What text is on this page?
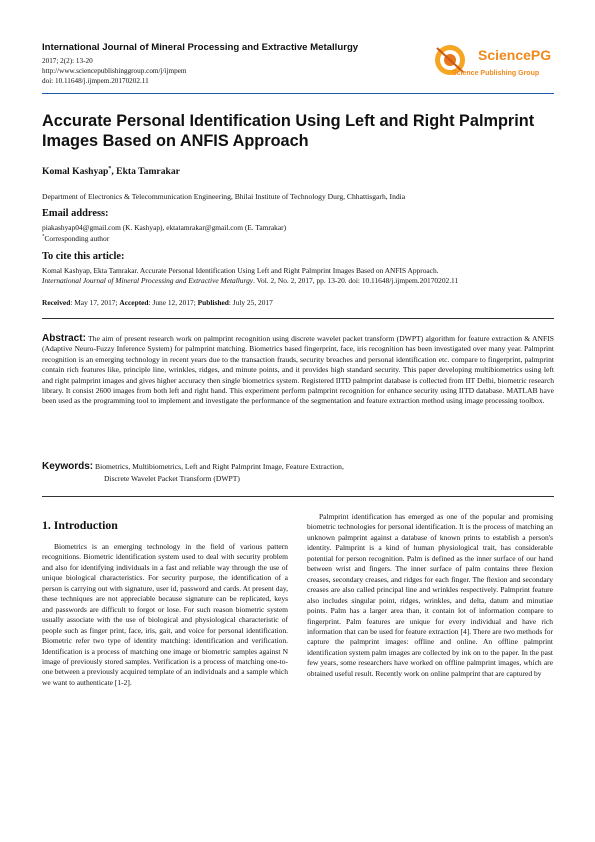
International Journal of Mineral Processing and Extractive Metallurgy
2017; 2(2): 13-20
http://www.sciencepublishinggroup.com/j/ijmpem
doi: 10.11648/j.ijmpem.20170202.11
SciencePG
Science Publishing Group
Accurate Personal Identification Using Left and Right Palmprint Images Based on ANFIS Approach
Komal Kashyap*, Ekta Tamrakar
Department of Electronics & Telecommunication Engineering, Bhilai Institute of Technology Durg, Chhattisgarh, India
Email address:
piakashyap04@gmail.com (K. Kashyap), ektatamrakar@gmail.com (E. Tamrakar)
*Corresponding author
To cite this article:
Komal Kashyap, Ekta Tamrakar. Accurate Personal Identification Using Left and Right Palmprint Images Based on ANFIS Approach.
International Journal of Mineral Processing and Extractive Metallurgy. Vol. 2, No. 2, 2017, pp. 13-20. doi: 10.11648/j.ijmpem.20170202.11
Received: May 17, 2017; Accepted: June 12, 2017; Published: July 25, 2017
Abstract: The aim of present research work on palmprint recognition using discrete wavelet packet transform (DWPT) algorithm for feature extraction & ANFIS (Adaptive Neuro-Fuzzy Inference System) for palmprint matching. Biometrics based fingerprint, face, iris recognition has been investigated over many year. Palmprint recognition is an emerging technology in recent years due to the transaction frauds, security breaches and personal identification etc. compare to fingerprint, palmprint contain rich features like, principle line, wrinkles, ridges, and minute points, and it provides high standard security. This paper developing multibiometrics using left and right palmprint images and gives higher accuracy then single biometrics system. Registered IITD palmprint database is collected from IIT Delhi, biometric research library. It consist 2600 images from both left and right hand. This experiment perform palmprint recognition for enhance security using IITD database. MATLAB have been used as the programming tool to implement and investigate the performance of the segmentation and feature extraction method using image processing toolbox.
Keywords: Biometrics, Multibiometrics, Left and Right Palmprint Image, Feature Extraction,
Discrete Wavelet Packet Transform (DWPT)
1. Introduction
Biometrics is an emerging technology in the field of various pattern recognitions. Biometric identification system used to deal with security problem and also for identifying individuals in a fast and reliable way through the use of unique biological characteristics. For security purpose, the identification of a person is carrying out with signature, user id, password and cards. At present day, these techniques are not appreciable because signature can be replicated, keys and passwords are difficult to forgot or lose. For such reason biometric system usually associate with the use of biological and physiological characteristic of people such as finger print, face, iris, gait, and voice for personal identification. Biometric refer two type of identity matching: identification and verification. Identification is a process of matching one image or biometric samples against N image of previously stored samples. Verification is a process of matching one-to-one between a previously acquired template of an individuals and a sample which we want to authenticate [1-2].
Palmprint identification has emerged as one of the popular and promising biometric technologies for personal identification. It is the process of matching an unknown palmprint against a database of known prints to establish a person's identity. Palmprint is a kind of human physiological trait, has considerable potential for person recognition. Palm is defined as the inner surface of our hand between wrist and fingers. The inner surface of palm contains three flexion creases, secondary creases, and ridges for each finger. The flexion and secondary creases are also called principal line and wrinkles respectively. Palmprint feature also includes singular point, ridges, wrinkles, and delta, datum and minutiae points. Palm has a larger area than, it contain lot of information compare to fingerprint. Palm features are unique for every individual and have rich information that can be used for feature extraction [4]. There are two methods for capture the palmprint images: offline and online. An offline palmprint identification system palm images are collected by ink on to the paper. In the past few years, some researchers have worked on offline palmprint images, which are obtained useful result. Recently work on online palmprint that are captured by
